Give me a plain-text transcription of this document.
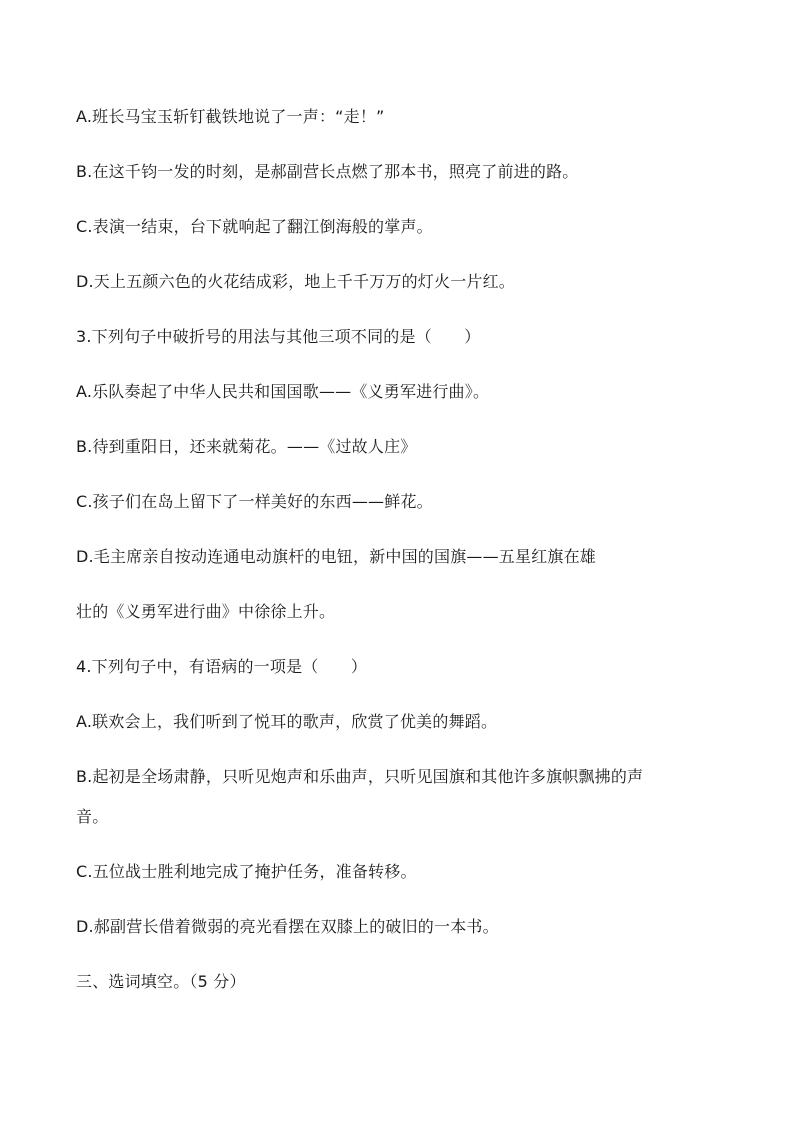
A.班长马宝玉斩钉截铁地说了一声：“走！”
B.在这千钧一发的时刻，是郝副营长点燃了那本书，照亮了前进的路。
C.表演一结束，台下就响起了翻江倒海般的掌声。
D.天上五颜六色的火花结成彩，地上千千万万的灯火一片红。
3.下列句子中破折号的用法与其他三项不同的是（　　）
A.乐队奏起了中华人民共和国国歌——《义勇军进行曲》。
B.待到重阳日，还来就菊花。——《过故人庄》
C.孩子们在岛上留下了一样美好的东西——鲜花。
D.毛主席亲自按动连通电动旗杆的电钮，新中国的国旗——五星红旗在雄
壮的《义勇军进行曲》中徐徐上升。
4.下列句子中，有语病的一项是（　　）
A.联欢会上，我们听到了悦耳的歌声，欣赏了优美的舞蹈。
B.起初是全场肃静，只听见炮声和乐曲声，只听见国旗和其他许多旗帜飘拂的声
音。
C.五位战士胜利地完成了掩护任务，准备转移。
D.郝副营长借着微弱的亮光看摆在双膝上的破旧的一本书。
三、选词填空。（5 分）
